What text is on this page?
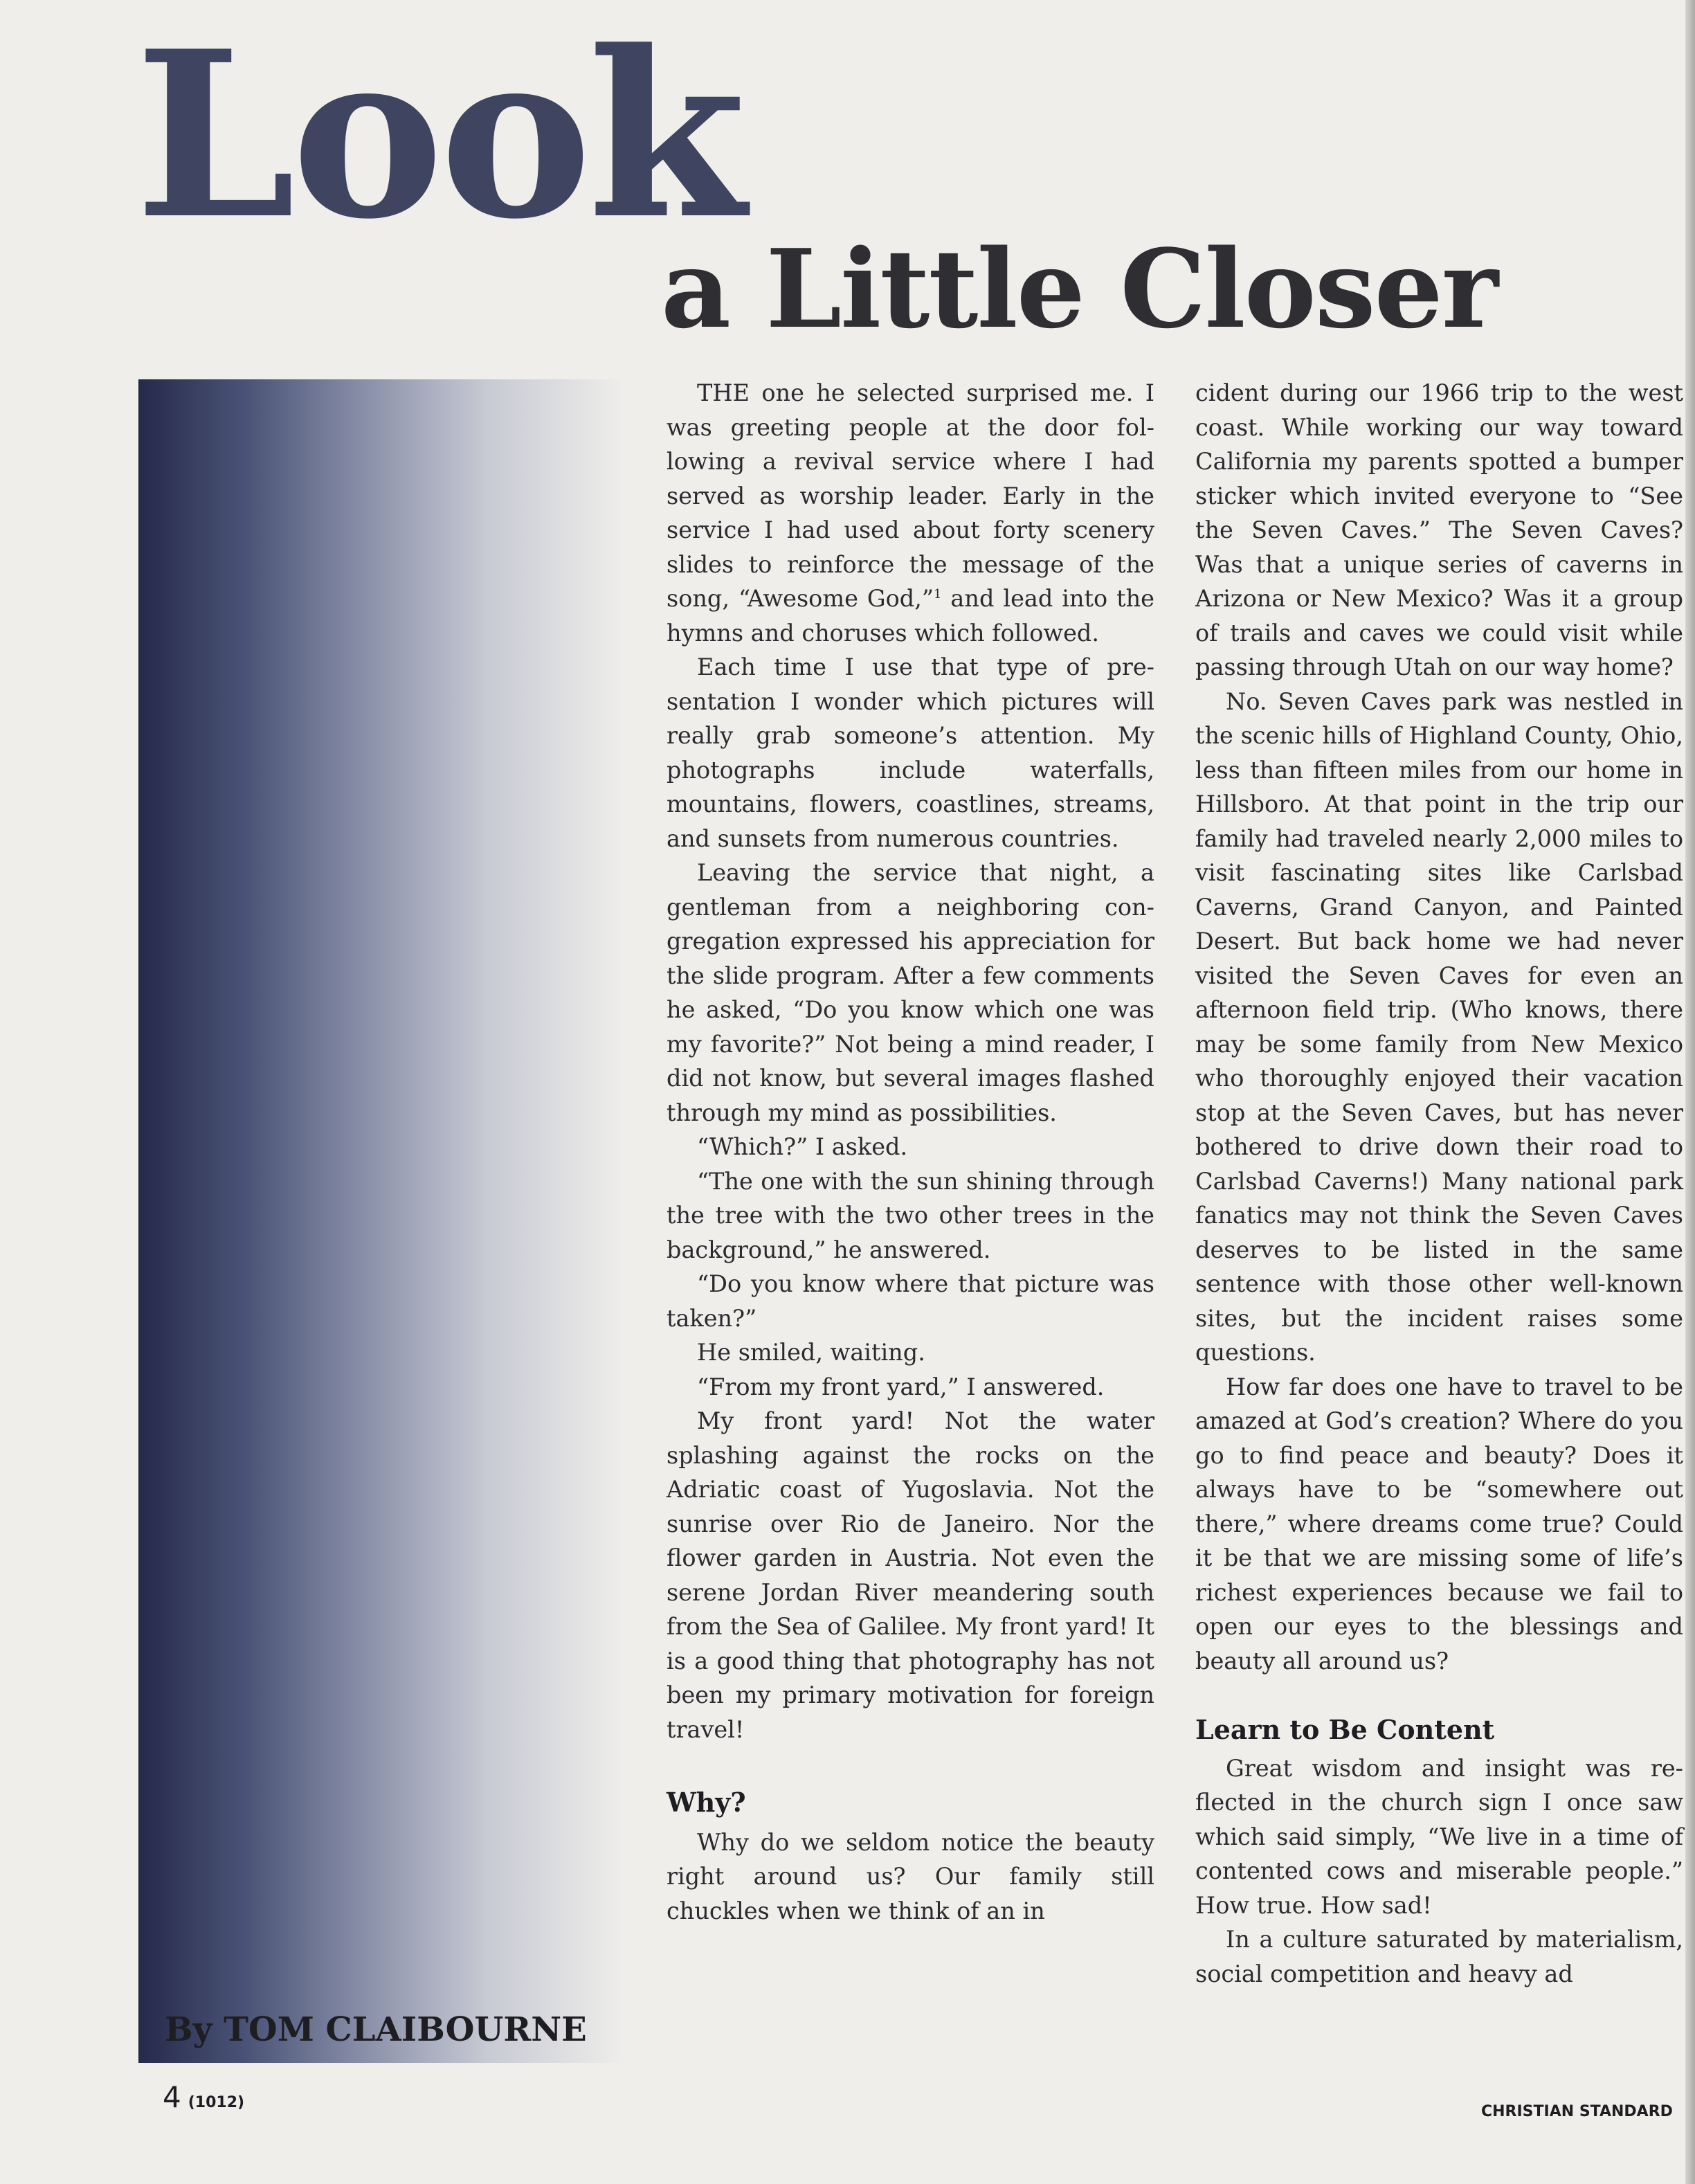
Look
a Little Closer

By TOM CLAIBOURNE

THE one he selected surprised me. I was greeting people at the door following a revival service where I had served as worship leader. Early in the service I had used about forty scenery slides to reinforce the message of the song, “Awesome God,”$^1$ and lead into the hymns and choruses which followed.

Each time I use that type of presentation I wonder which pictures will really grab someone’s attention. My photographs include waterfalls, mountains, flowers, coastlines, streams, and sunsets from numerous countries.

Leaving the service that night, a gentleman from a neighboring congregation expressed his appreciation for the slide program. After a few comments he asked, “Do you know which one was my favorite?” Not being a mind reader, I did not know, but several images flashed through my mind as possibilities.

“Which?” I asked.

“The one with the sun shining through the tree with the two other trees in the background,” he answered.

“Do you know where that picture was taken?”

He smiled, waiting.

“From my front yard,” I answered.

My front yard! Not the water splashing against the rocks on the Adriatic coast of Yugoslavia. Not the sunrise over Rio de Janeiro. Nor the flower garden in Austria. Not even the serene Jordan River meandering south from the Sea of Galilee. My front yard! It is a good thing that photography has not been my primary motivation for foreign travel!

Why?

Why do we seldom notice the beauty right around us? Our family still chuckles when we think of an in

cident during our 1966 trip to the west coast. While working our way toward California my parents spotted a bumper sticker which invited everyone to “See the Seven Caves.” The Seven Caves? Was that a unique series of caverns in Arizona or New Mexico? Was it a group of trails and caves we could visit while passing through Utah on our way home?

No. Seven Caves park was nestled in the scenic hills of Highland County, Ohio, less than fifteen miles from our home in Hillsboro. At that point in the trip our family had traveled nearly 2,000 miles to visit fascinating sites like Carlsbad Caverns, Grand Canyon, and Painted Desert. But back home we had never visited the Seven Caves for even an afternoon field trip. (Who knows, there may be some family from New Mexico who thoroughly enjoyed their vacation stop at the Seven Caves, but has never bothered to drive down their road to Carlsbad Caverns!) Many national park fanatics may not think the Seven Caves deserves to be listed in the same sentence with those other well-known sites, but the incident raises some questions.

How far does one have to travel to be amazed at God’s creation? Where do you go to find peace and beauty? Does it always have to be “somewhere out there,” where dreams come true? Could it be that we are missing some of life’s richest experiences because we fail to open our eyes to the blessings and beauty all around us?

Learn to Be Content

Great wisdom and insight was reflected in the church sign I once saw which said simply, “We live in a time of contented cows and miserable people.” How true. How sad!

In a culture saturated by materialism, social competition and heavy ad

4 (1012)

CHRISTIAN STANDARD
